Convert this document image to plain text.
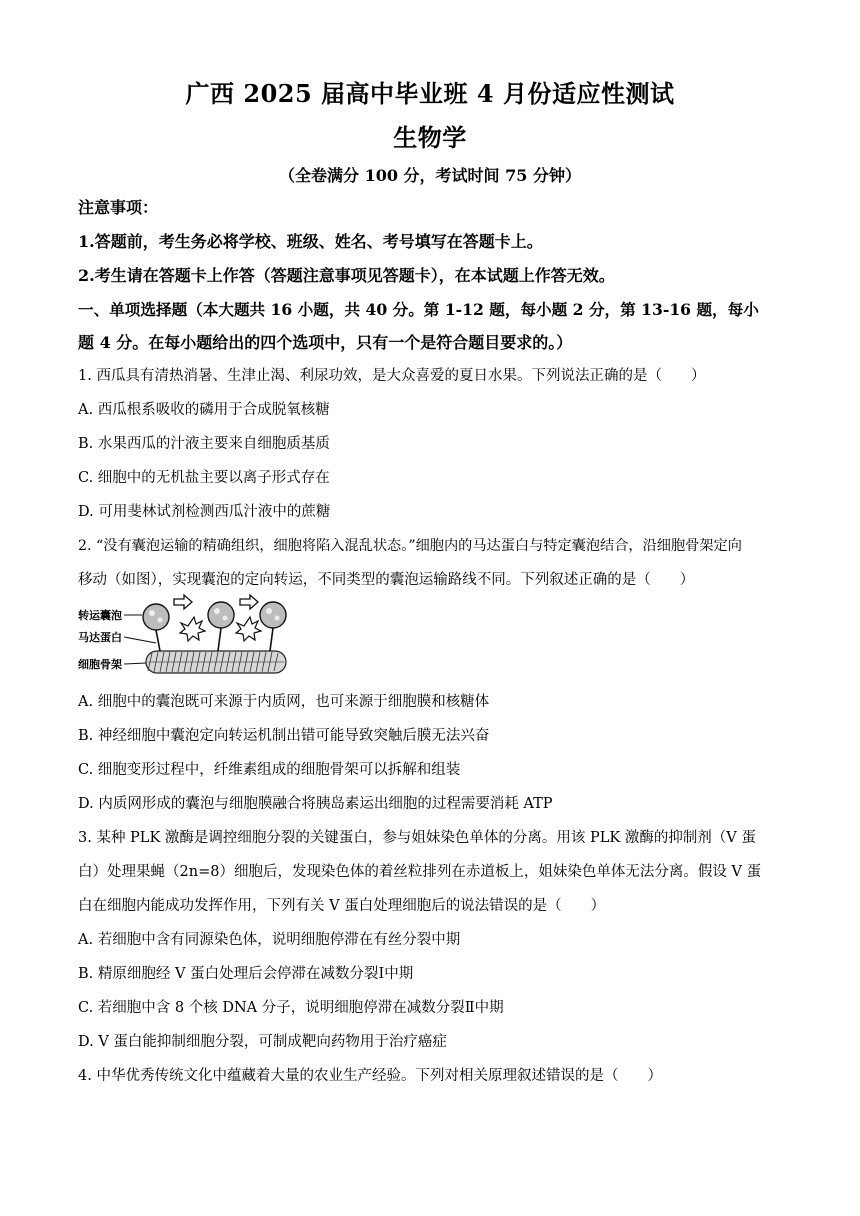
广西 2025 届高中毕业班 4 月份适应性测试
生物学
（全卷满分 100 分，考试时间 75 分钟）
注意事项：
1.答题前，考生务必将学校、班级、姓名、考号填写在答题卡上。
2.考生请在答题卡上作答（答题注意事项见答题卡），在本试题上作答无效。
一、单项选择题（本大题共 16 小题，共 40 分。第 1-12 题，每小题 2 分，第 13-16 题，每小
题 4 分。在每小题给出的四个选项中，只有一个是符合题目要求的。）
1. 西瓜具有清热消暑、生津止渴、利尿功效，是大众喜爱的夏日水果。下列说法正确的是（　　）
A. 西瓜根系吸收的磷用于合成脱氧核糖
B. 水果西瓜的汁液主要来自细胞质基质
C. 细胞中的无机盐主要以离子形式存在
D. 可用斐林试剂检测西瓜汁液中的蔗糖
2. “没有囊泡运输的精确组织，细胞将陷入混乱状态。”细胞内的马达蛋白与特定囊泡结合，沿细胞骨架定向
移动（如图），实现囊泡的定向转运，不同类型的囊泡运输路线不同。下列叙述正确的是（　　）
转运囊泡
马达蛋白
细胞骨架
A. 细胞中的囊泡既可来源于内质网，也可来源于细胞膜和核糖体
B. 神经细胞中囊泡定向转运机制出错可能导致突触后膜无法兴奋
C. 细胞变形过程中，纤维素组成的细胞骨架可以拆解和组装
D. 内质网形成的囊泡与细胞膜融合将胰岛素运出细胞的过程需要消耗 ATP
3. 某种 PLK 激酶是调控细胞分裂的关键蛋白，参与姐妹染色单体的分离。用该 PLK 激酶的抑制剂（V 蛋
白）处理果蝇（2n=8）细胞后，发现染色体的着丝粒排列在赤道板上，姐妹染色单体无法分离。假设 V 蛋
白在细胞内能成功发挥作用，下列有关 V 蛋白处理细胞后的说法错误的是（　　）
A. 若细胞中含有同源染色体，说明细胞停滞在有丝分裂中期
B. 精原细胞经 V 蛋白处理后会停滞在减数分裂Ⅰ中期
C. 若细胞中含 8 个核 DNA 分子，说明细胞停滞在减数分裂Ⅱ中期
D. V 蛋白能抑制细胞分裂，可制成靶向药物用于治疗癌症
4. 中华优秀传统文化中蕴藏着大量的农业生产经验。下列对相关原理叙述错误的是（　　）
